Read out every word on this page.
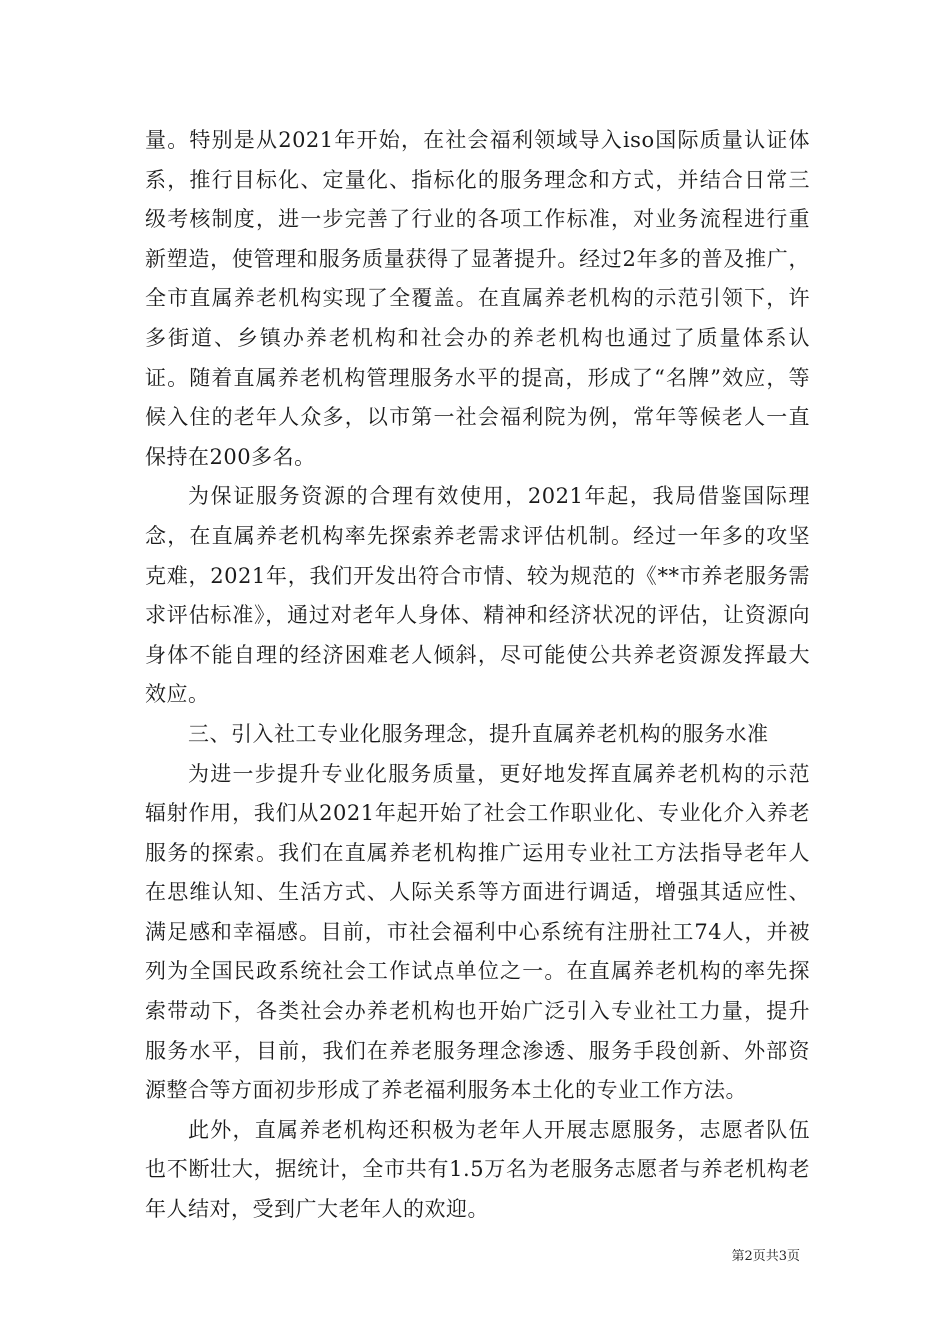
量。特别是从2021年开始，在社会福利领域导入iso国际质量认证体系，推行目标化、定量化、指标化的服务理念和方式，并结合日常三级考核制度，进一步完善了行业的各项工作标准，对业务流程进行重新塑造，使管理和服务质量获得了显著提升。经过2年多的普及推广，全市直属养老机构实现了全覆盖。在直属养老机构的示范引领下，许多街道、乡镇办养老机构和社会办的养老机构也通过了质量体系认证。随着直属养老机构管理服务水平的提高，形成了“名牌”效应，等候入住的老年人众多，以市第一社会福利院为例，常年等候老人一直保持在200多名。

为保证服务资源的合理有效使用，2021年起，我局借鉴国际理念，在直属养老机构率先探索养老需求评估机制。经过一年多的攻坚克难，2021年，我们开发出符合市情、较为规范的《**市养老服务需求评估标准》，通过对老年人身体、精神和经济状况的评估，让资源向身体不能自理的经济困难老人倾斜，尽可能使公共养老资源发挥最大效应。

三、引入社工专业化服务理念，提升直属养老机构的服务水准

为进一步提升专业化服务质量，更好地发挥直属养老机构的示范辐射作用，我们从2021年起开始了社会工作职业化、专业化介入养老服务的探索。我们在直属养老机构推广运用专业社工方法指导老年人在思维认知、生活方式、人际关系等方面进行调适，增强其适应性、满足感和幸福感。目前，市社会福利中心系统有注册社工74人，并被列为全国民政系统社会工作试点单位之一。在直属养老机构的率先探索带动下，各类社会办养老机构也开始广泛引入专业社工力量，提升服务水平，目前，我们在养老服务理念渗透、服务手段创新、外部资源整合等方面初步形成了养老福利服务本土化的专业工作方法。

此外，直属养老机构还积极为老年人开展志愿服务，志愿者队伍也不断壮大，据统计，全市共有1.5万名为老服务志愿者与养老机构老年人结对，受到广大老年人的欢迎。

第2页共3页
